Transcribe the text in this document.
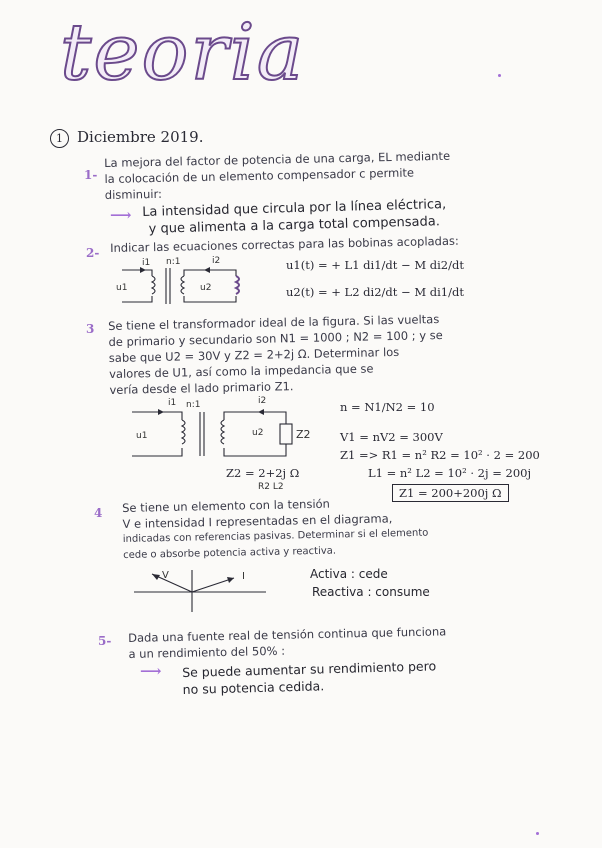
teoria
1 Diciembre 2019.
1-
La mejora del factor de potencia de una carga, EL mediante
la colocación de un elemento compensador c permite
disminuir:
⟶ La intensidad que circula por la línea eléctrica,
y que alimenta a la carga total compensada.
2- Indicar las ecuaciones correctas para las bobinas acopladas:
i1 n:1	i2
u1	u2
u1(t) = + L1 di1/dt − M di2/dt
u2(t) = + L2 di2/dt − M di1/dt
3 Se tiene el transformador ideal de la figura. Si las vueltas
de primario y secundario son N1 = 1000 ; N2 = 100 ; y se
sabe que U2 = 30V y Z2 = 2+2j Ω. Determinar los
valores de U1, así como la impedancia que se
vería desde el lado primario Z1.
i1 n:1	i2
u1	u2	Z2
Z2 = 2+2j Ω
R2 L2
n = N1/N2 = 10
V1 = nV2 = 300V
Z1 => R1 = n² R2 = 10² · 2 = 200
L1 = n² L2 = 10² · 2j = 200j
Z1 = 200+200j Ω
4 Se tiene un elemento con la tensión
V e intensidad I representadas en el diagrama,
indicadas con referencias pasivas. Determinar si el elemento
cede o absorbe potencia activa y reactiva.
V	I	Activa : cede
Reactiva : consume
5- Dada una fuente real de tensión continua que funciona
a un rendimiento del 50% :
⟶ Se puede aumentar su rendimiento pero
no su potencia cedida.
